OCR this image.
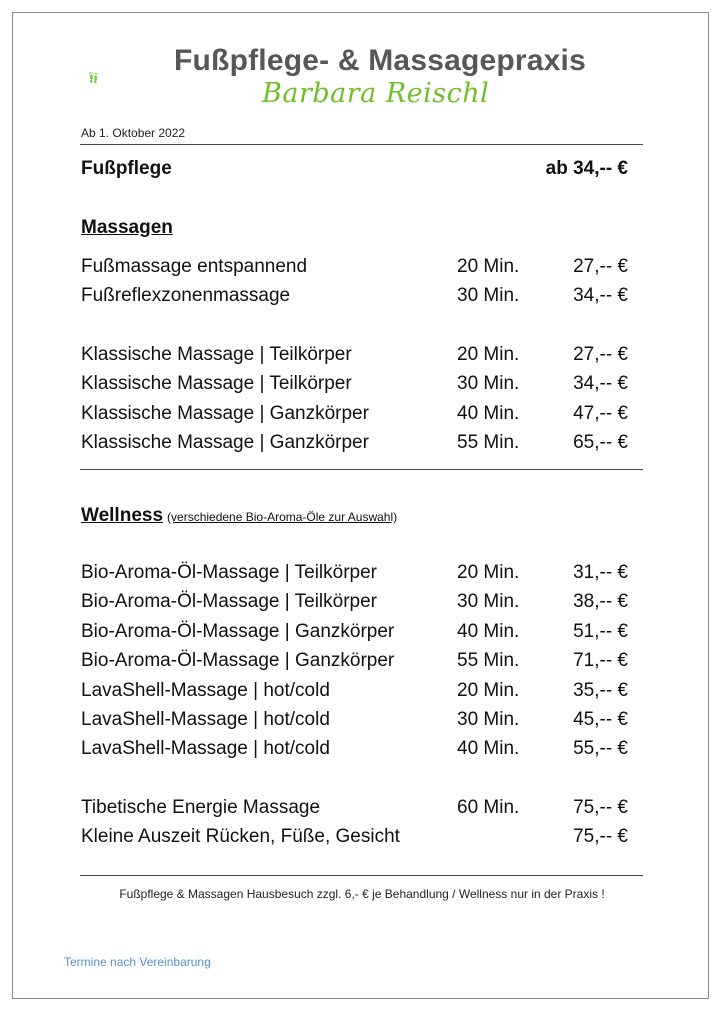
Fußpflege- & Massagepraxis
Barbara Reischl
Ab 1. Oktober 2022
Fußpflege	ab 34,-- €
Massagen
Fußmassage entspannend	20 Min.	27,-- €
Fußreflexzonenmassage	30 Min.	34,-- €
Klassische Massage | Teilkörper	20 Min.	27,-- €
Klassische Massage | Teilkörper	30 Min.	34,-- €
Klassische Massage | Ganzkörper	40 Min.	47,-- €
Klassische Massage | Ganzkörper	55 Min.	65,-- €
Wellness (verschiedene Bio-Aroma-Öle zur Auswahl)
Bio-Aroma-Öl-Massage | Teilkörper	20 Min.	31,-- €
Bio-Aroma-Öl-Massage | Teilkörper	30 Min.	38,-- €
Bio-Aroma-Öl-Massage | Ganzkörper	40 Min.	51,-- €
Bio-Aroma-Öl-Massage | Ganzkörper	55 Min.	71,-- €
LavaShell-Massage | hot/cold	20 Min.	35,-- €
LavaShell-Massage | hot/cold	30 Min.	45,-- €
LavaShell-Massage | hot/cold	40 Min.	55,-- €
Tibetische Energie Massage	60 Min.	75,-- €
Kleine Auszeit Rücken, Füße, Gesicht	75,-- €
Fußpflege & Massagen Hausbesuch zzgl. 6,- € je Behandlung / Wellness nur in der Praxis !
Termine nach Vereinbarung
